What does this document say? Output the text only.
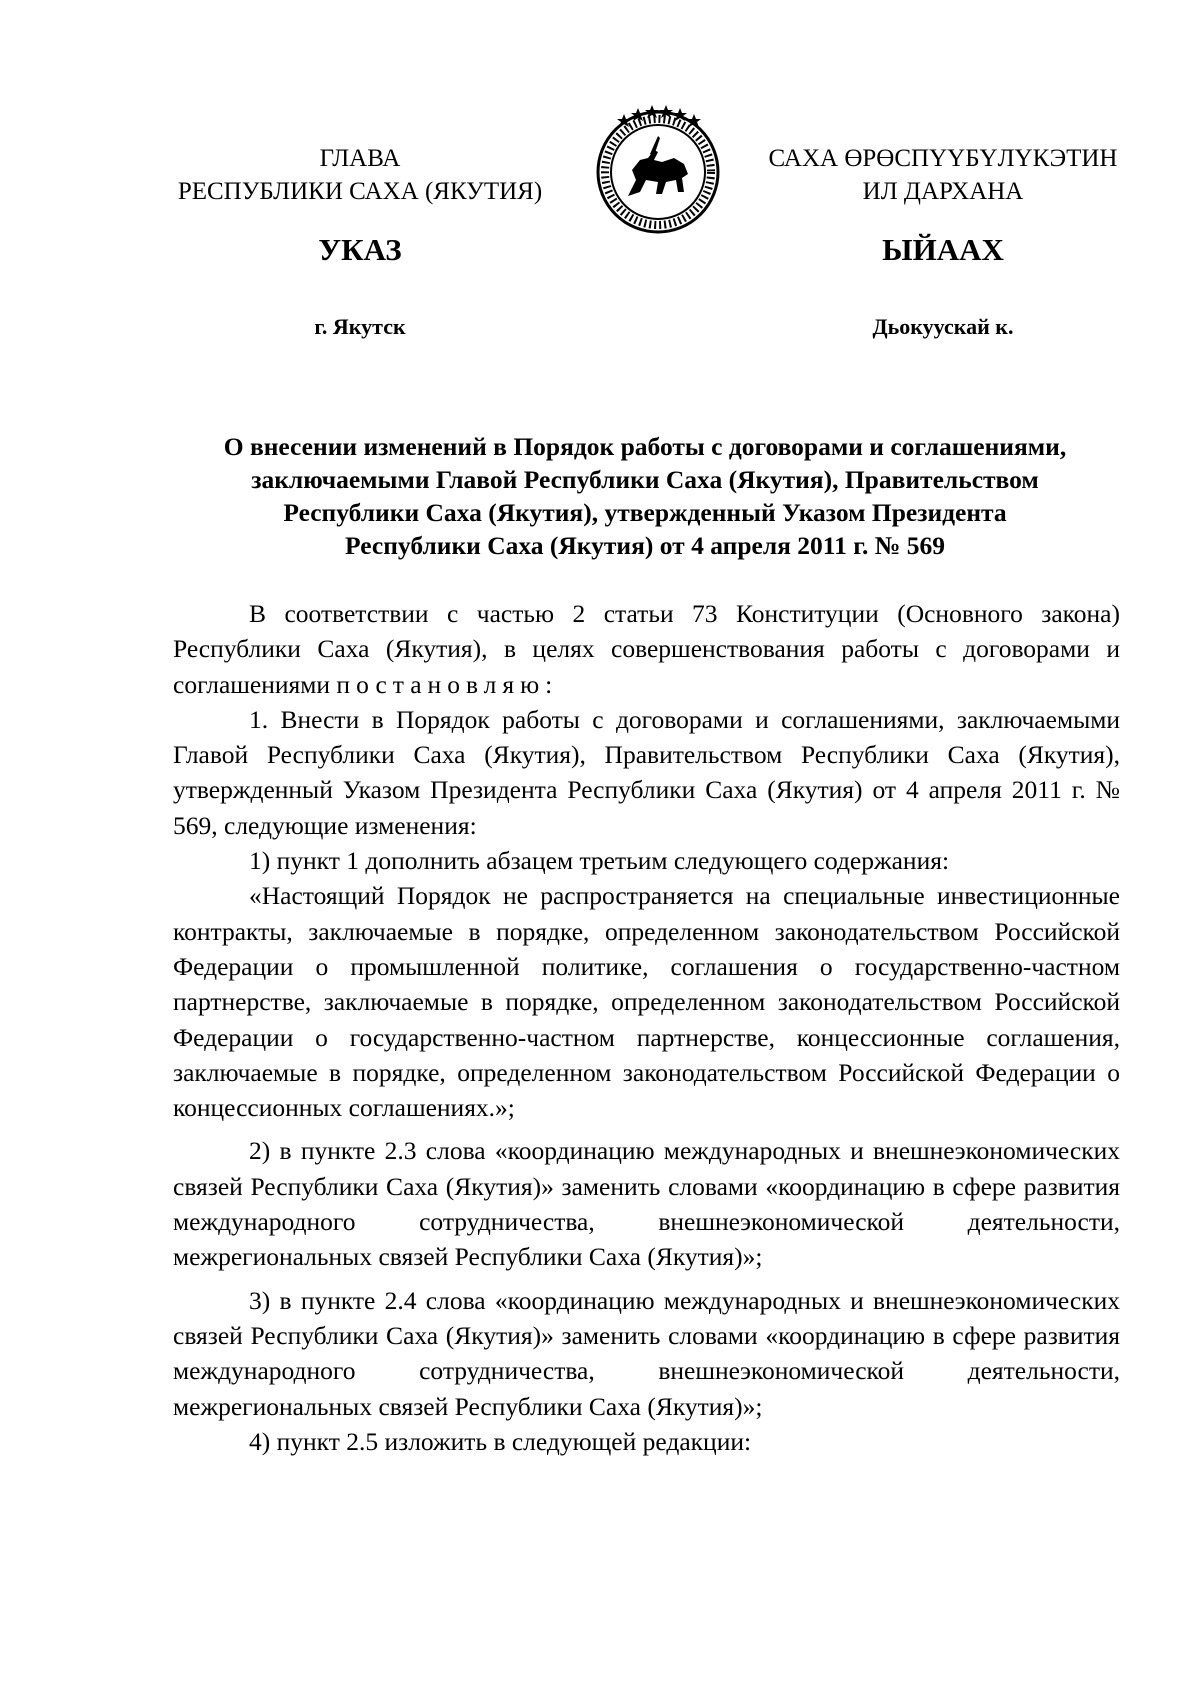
ГЛАВА
РЕСПУБЛИКИ САХА (ЯКУТИЯ)
САХА ӨРӨСПҮҮБҮЛҮКЭТИН
ИЛ ДАРХАНА
УКАЗ	ЫЙААХ
г. Якутск	Дьокуускай к.
О внесении изменений в Порядок работы с договорами и соглашениями,
заключаемыми Главой Республики Саха (Якутия), Правительством
Республики Саха (Якутия), утвержденный Указом Президента
Республики Саха (Якутия) от 4 апреля 2011 г. № 569

В соответствии с частью 2 статьи 73 Конституции (Основного закона) Республики Саха (Якутия), в целях совершенствования работы с договорами и соглашениями постановляю:

1. Внести в Порядок работы с договорами и соглашениями, заключаемыми Главой Республики Саха (Якутия), Правительством Республики Саха (Якутия), утвержденный Указом Президента Республики Саха (Якутия) от 4 апреля 2011 г. № 569, следующие изменения:

1) пункт 1 дополнить абзацем третьим следующего содержания:

«Настоящий Порядок не распространяется на специальные инвестиционные контракты, заключаемые в порядке, определенном законодательством Российской Федерации о промышленной политике, соглашения о государственно-частном партнерстве, заключаемые в порядке, определенном законодательством Российской Федерации о государственно-частном партнерстве, концессионные соглашения, заключаемые в порядке, определенном законодательством Российской Федерации о концессионных соглашениях.»;

2) в пункте 2.3 слова «координацию международных и внешнеэкономических связей Республики Саха (Якутия)» заменить словами «координацию в сфере развития международного сотрудничества, внешнеэкономической деятельности, межрегиональных связей Республики Саха (Якутия)»;

3) в пункте 2.4 слова «координацию международных и внешнеэкономических связей Республики Саха (Якутия)» заменить словами «координацию в сфере развития международного сотрудничества, внешнеэкономической деятельности, межрегиональных связей Республики Саха (Якутия)»;

4) пункт 2.5 изложить в следующей редакции:
